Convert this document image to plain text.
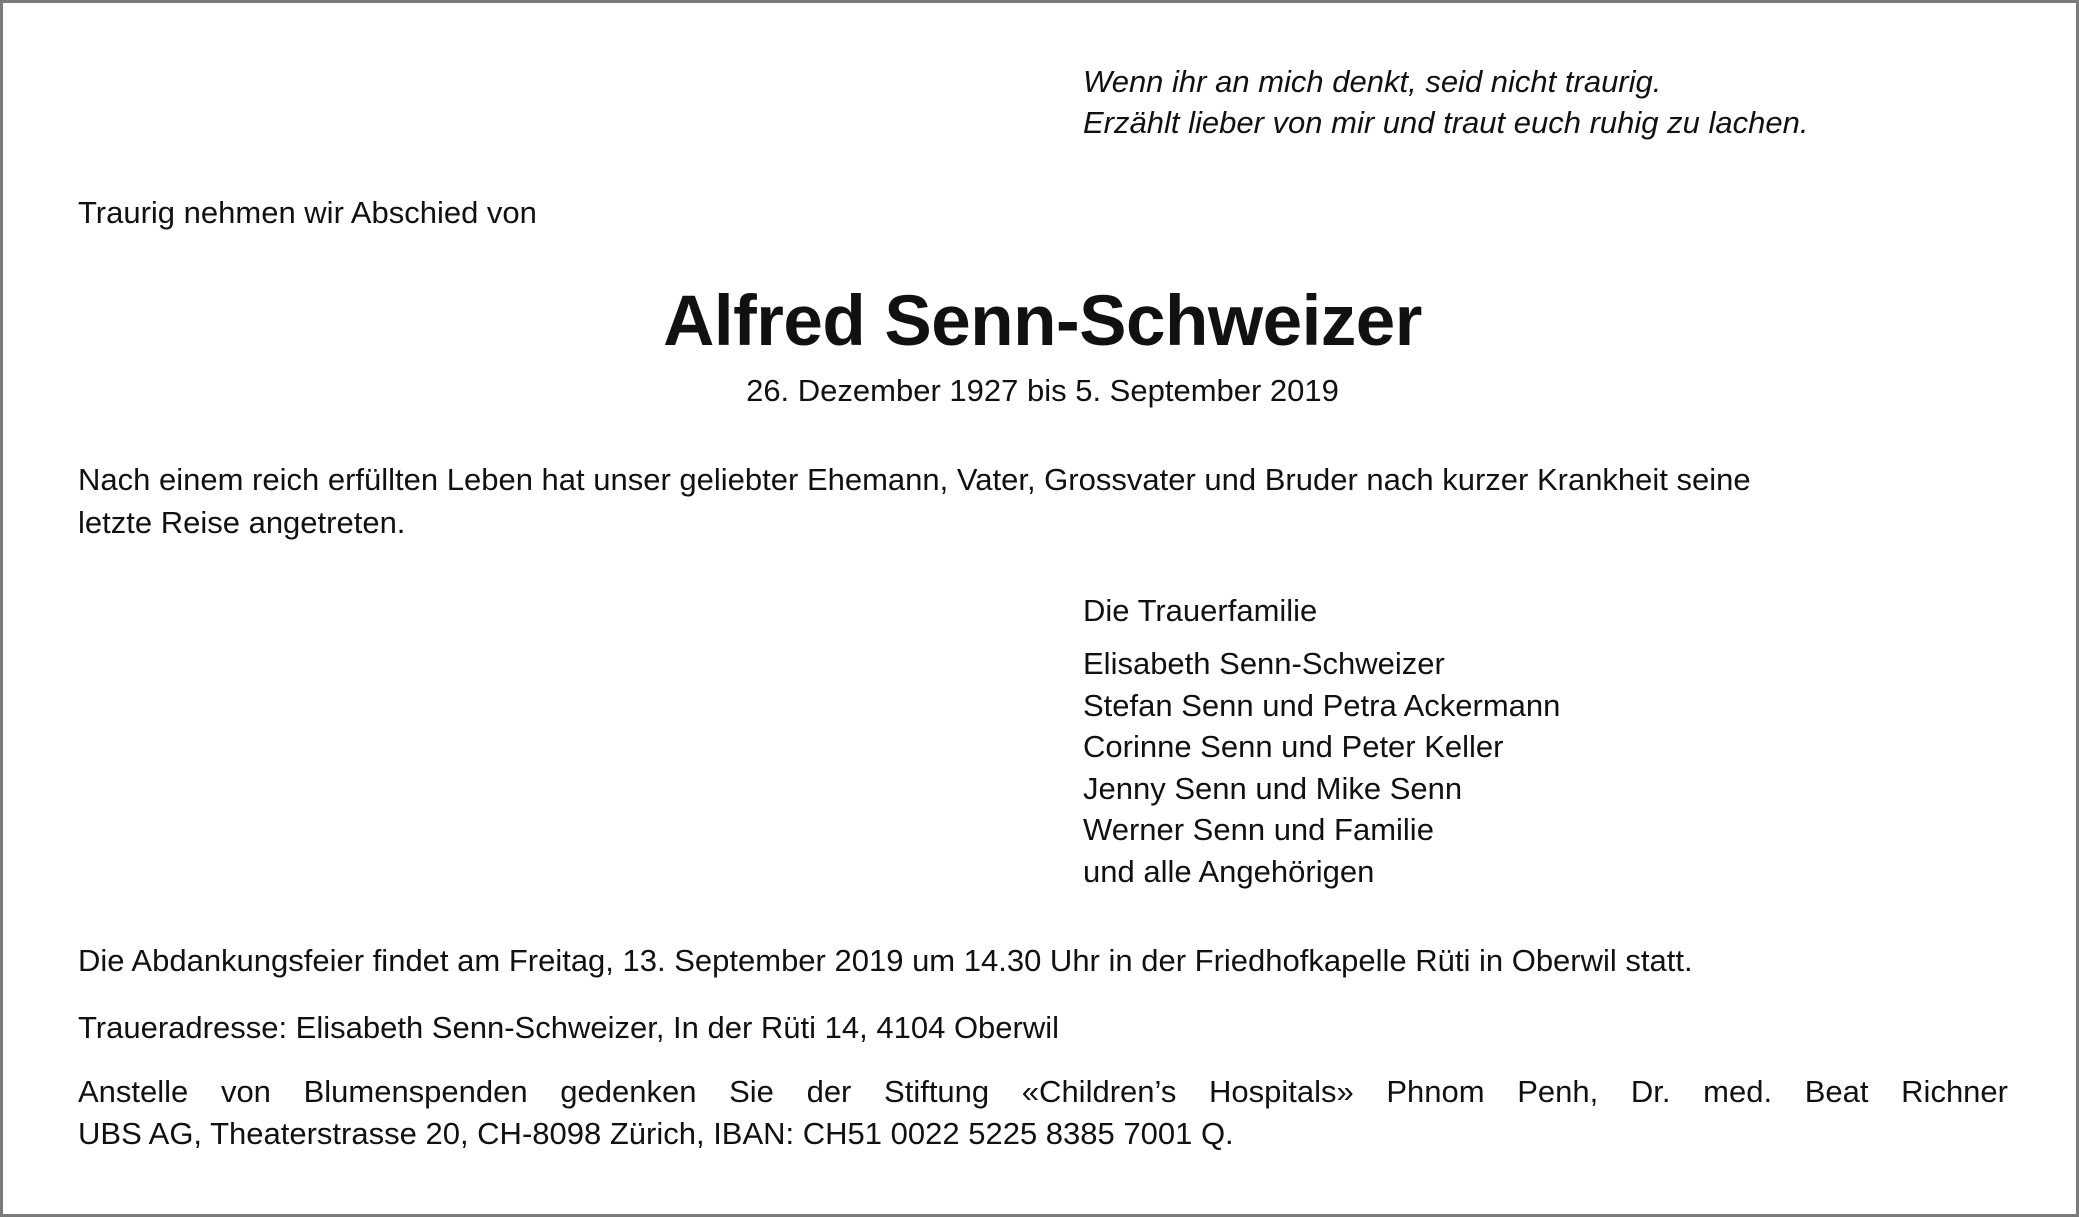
Wenn ihr an mich denkt, seid nicht traurig.
Erzählt lieber von mir und traut euch ruhig zu lachen.
Traurig nehmen wir Abschied von
Alfred Senn-Schweizer
26. Dezember 1927 bis 5. September 2019
Nach einem reich erfüllten Leben hat unser geliebter Ehemann, Vater, Grossvater und Bruder nach kurzer Krankheit seine
letzte Reise angetreten.
Die Trauerfamilie
Elisabeth Senn-Schweizer
Stefan Senn und Petra Ackermann
Corinne Senn und Peter Keller
Jenny Senn und Mike Senn
Werner Senn und Familie
und alle Angehörigen
Die Abdankungsfeier findet am Freitag, 13. September 2019 um 14.30 Uhr in der Friedhofkapelle Rüti in Oberwil statt.
Traueradresse: Elisabeth Senn-Schweizer, In der Rüti 14, 4104 Oberwil
Anstelle von Blumenspenden gedenken Sie der Stiftung «Children’s Hospitals» Phnom Penh, Dr. med. Beat Richner
UBS AG, Theaterstrasse 20, CH-8098 Zürich, IBAN: CH51 0022 5225 8385 7001 Q.
